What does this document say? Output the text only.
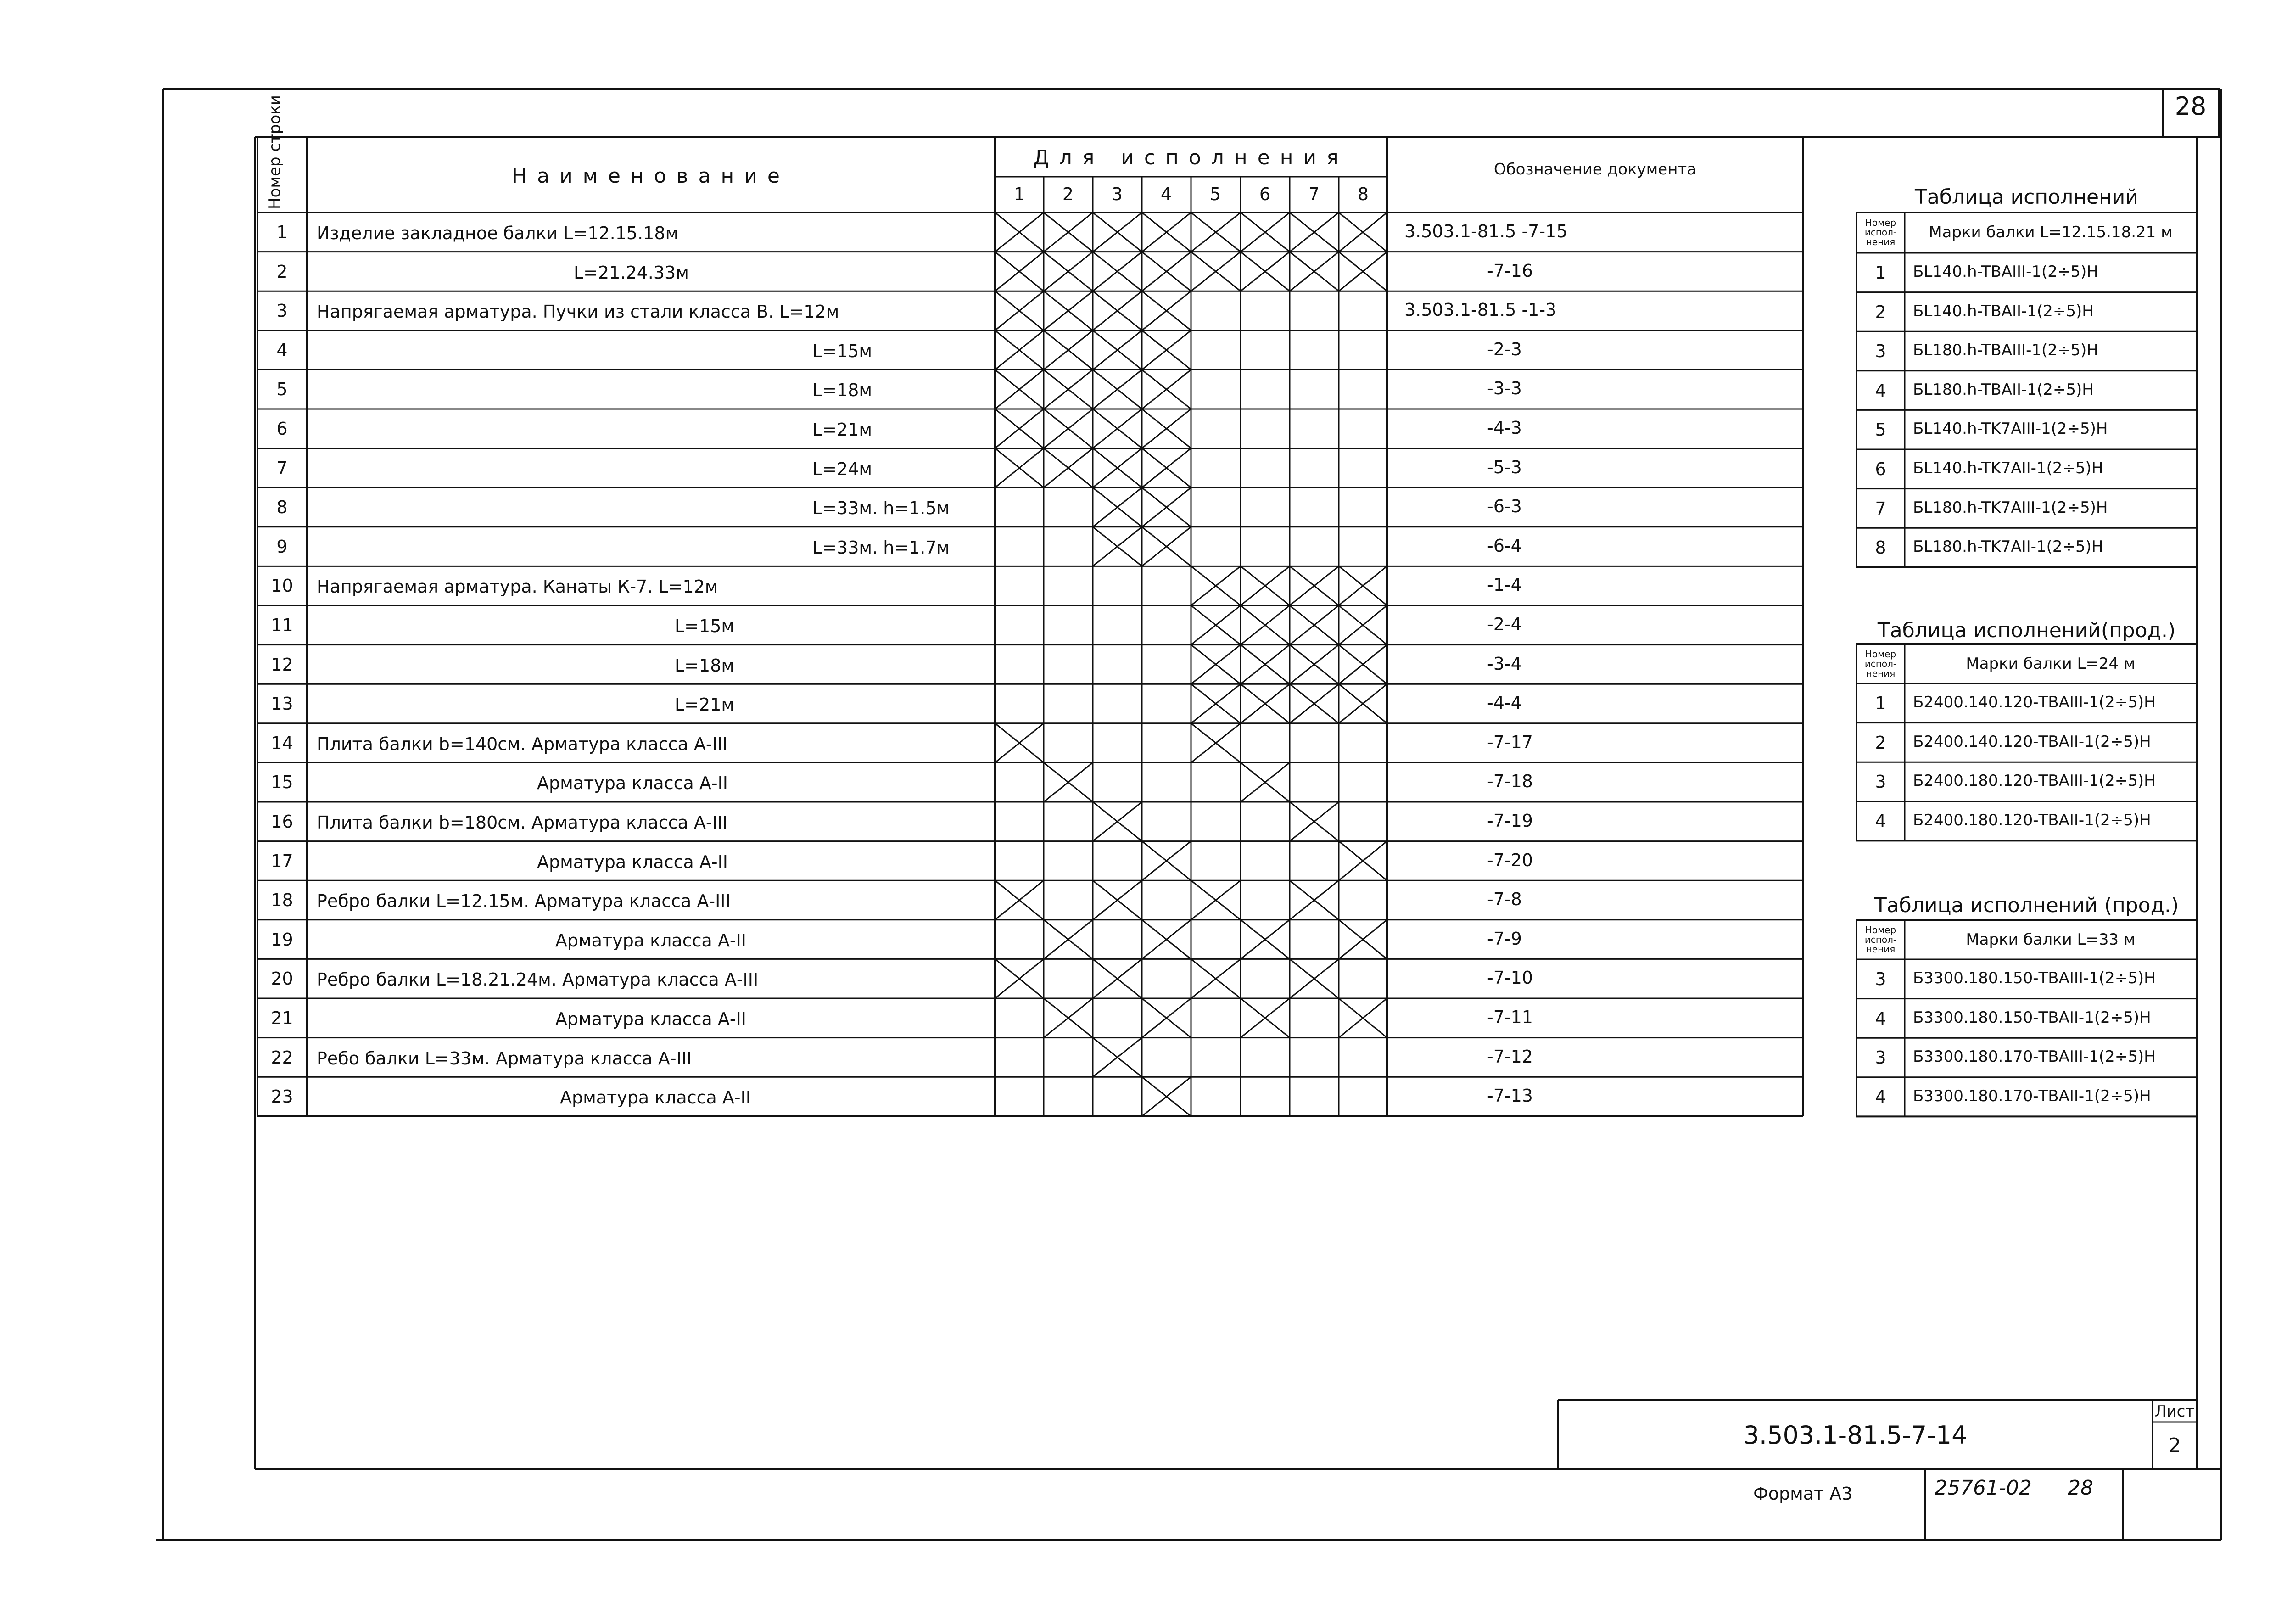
28
Номер строки	Наименование
Для исполнения	Обозначение документа
1	2	3	4	5	6	7	8
1	Изделие закладное балки L=12.15.18м	3.503.1-81.5 -7-15
2	L=21.24.33м	-7-16
3	Напрягаемая арматура. Пучки из стали класса В. L=12м	3.503.1-81.5 -1-3
4	L=15м	-2-3
5	L=18м	-3-3
6	L=21м	-4-3
7	L=24м	-5-3
8	L=33м. h=1.5м	-6-3
9	L=33м. h=1.7м	-6-4
10	Напрягаемая арматура. Канаты К-7. L=12м	-1-4
11	L=15м	-2-4
12	L=18м	-3-4
13	L=21м	-4-4
14	Плита балки b=140см. Арматура класса А-III	-7-17
15	Арматура класса А-II	-7-18
16	Плита балки b=180см. Арматура класса А-III	-7-19
17	Арматура класса А-II	-7-20
18	Ребро балки L=12.15м. Арматура класса А-III	-7-8
19	Арматура класса А-II	-7-9
20	Ребро балки L=18.21.24м. Арматура класса А-III	-7-10
21	Арматура класса А-II	-7-11
22	Ребо балки L=33м. Арматура класса А-III	-7-12
23	Арматура класса А-II	-7-13
Таблица исполнений
Номер испол-нения
Марки балки L=12.15.18.21 м
1	БL140.h-TBAIII-1(2÷5)H
2	БL140.h-TBAII-1(2÷5)H
3	БL180.h-TBAIII-1(2÷5)H
4	БL180.h-TBAII-1(2÷5)H
5	БL140.h-TK7AIII-1(2÷5)H
6	БL140.h-TK7AII-1(2÷5)H
7	БL180.h-TK7AIII-1(2÷5)H
8	БL180.h-TK7AII-1(2÷5)H
Таблица исполнений(прод.)
Номер испол-нения
Марки балки L=24 м
1	Б2400.140.120-TBAIII-1(2÷5)H
2	Б2400.140.120-TBAII-1(2÷5)H
3	Б2400.180.120-TBAIII-1(2÷5)H
4	Б2400.180.120-TBAII-1(2÷5)H
Таблица исполнений (прод.)
Номер испол-нения
Марки балки L=33 м
3	Б3300.180.150-TBAIII-1(2÷5)H
4	Б3300.180.150-TBAII-1(2÷5)H
3	Б3300.180.170-TBAIII-1(2÷5)H
4	Б3300.180.170-TBAII-1(2÷5)H
3.503.1-81.5-7-14
Лист
2
Формат А3	25761-02 28
